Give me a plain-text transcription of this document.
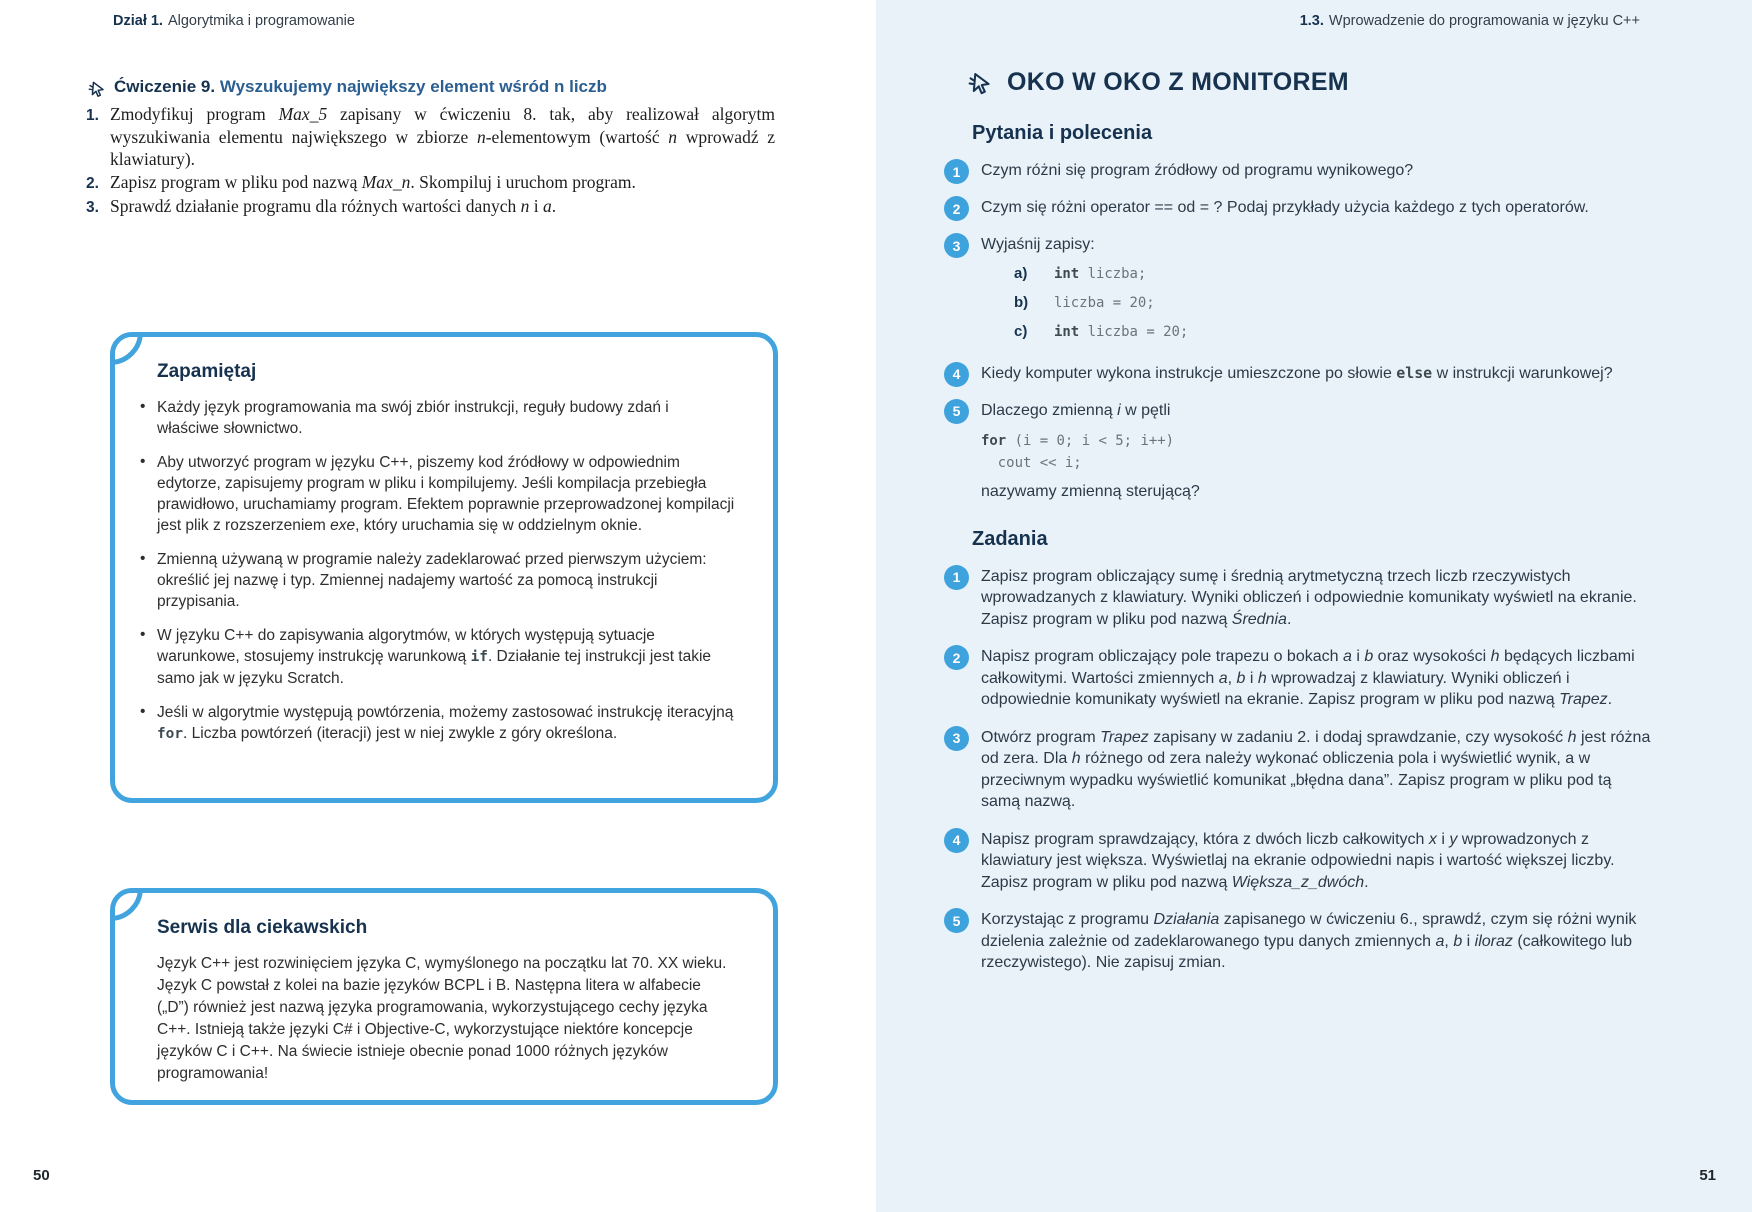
Dział 1. Algorytmika i programowanie
Ćwiczenie 9. Wyszukujemy największy element wśród n liczb
1. Zmodyfikuj program Max_5 zapisany w ćwiczeniu 8. tak, aby realizował algorytm wyszukiwania elementu największego w zbiorze n-elementowym (wartość n wprowadź z klawiatury).
2. Zapisz program w pliku pod nazwą Max_n. Skompiluj i uruchom program.
3. Sprawdź działanie programu dla różnych wartości danych n i a.
Zapamiętaj
• Każdy język programowania ma swój zbiór instrukcji, reguły budowy zdań i właściwe słownictwo.
• Aby utworzyć program w języku C++, piszemy kod źródłowy w odpowiednim edytorze, zapisujemy program w pliku i kompilujemy. Jeśli kompilacja przebiegła prawidłowo, uruchamiamy program. Efektem poprawnie przeprowadzonej kompilacji jest plik z rozszerzeniem exe, który uruchamia się w oddzielnym oknie.
• Zmienną używaną w programie należy zadeklarować przed pierwszym użyciem: określić jej nazwę i typ. Zmiennej nadajemy wartość za pomocą instrukcji przypisania.
• W języku C++ do zapisywania algorytmów, w których występują sytuacje warunkowe, stosujemy instrukcję warunkową if. Działanie tej instrukcji jest takie samo jak w języku Scratch.
• Jeśli w algorytmie występują powtórzenia, możemy zastosować instrukcję iteracyjną for. Liczba powtórzeń (iteracji) jest w niej zwykle z góry określona.
Serwis dla ciekawskich

Język C++ jest rozwinięciem języka C, wymyślonego na początku lat 70. XX wieku. Język C powstał z kolei na bazie języków BCPL i B. Następna litera w alfabecie („D”) również jest nazwą języka programowania, wykorzystującego cechy języka C++. Istnieją także języki C# i Objective-C, wykorzystujące niektóre koncepcje języków C i C++. Na świecie istnieje obecnie ponad 1000 różnych języków programowania!

50
1.3. Wprowadzenie do programowania w języku C++
OKO W OKO Z MONITOREM
Pytania i polecenia
1	Czym różni się program źródłowy od programu wynikowego?
2	Czym się różni operator == od = ? Podaj przykłady użycia każdego z tych operatorów.
3	Wyjaśnij zapisy:
a)	int liczba;
b)	liczba = 20;
c)	int liczba = 20;
4	Kiedy komputer wykona instrukcje umieszczone po słowie else w instrukcji warunkowej?
5	Dlaczego zmienną i w pętli
for (i = 0; i < 5; i++)
cout << i;
nazywamy zmienną sterującą?
Zadania
1	Zapisz program obliczający sumę i średnią arytmetyczną trzech liczb rzeczywistych wprowadzanych z klawiatury. Wyniki obliczeń i odpowiednie komunikaty wyświetl na ekranie. Zapisz program w pliku pod nazwą Średnia.
2	Napisz program obliczający pole trapezu o bokach a i b oraz wysokości h będących liczbami całkowitymi. Wartości zmiennych a, b i h wprowadzaj z klawiatury. Wyniki obliczeń i odpowiednie komunikaty wyświetl na ekranie. Zapisz program w pliku pod nazwą Trapez.
3	Otwórz program Trapez zapisany w zadaniu 2. i dodaj sprawdzanie, czy wysokość h jest różna od zera. Dla h różnego od zera należy wykonać obliczenia pola i wyświetlić wynik, a w przeciwnym wypadku wyświetlić komunikat „błędna dana”. Zapisz program w pliku pod tą samą nazwą.
4	Napisz program sprawdzający, która z dwóch liczb całkowitych x i y wprowadzonych z klawiatury jest większa. Wyświetlaj na ekranie odpowiedni napis i wartość większej liczby. Zapisz program w pliku pod nazwą Większa_z_dwóch.
5	Korzystając z programu Działania zapisanego w ćwiczeniu 6., sprawdź, czym się różni wynik dzielenia zależnie od zadeklarowanego typu danych zmiennych a, b i iloraz (całkowitego lub rzeczywistego). Nie zapisuj zmian.
51
